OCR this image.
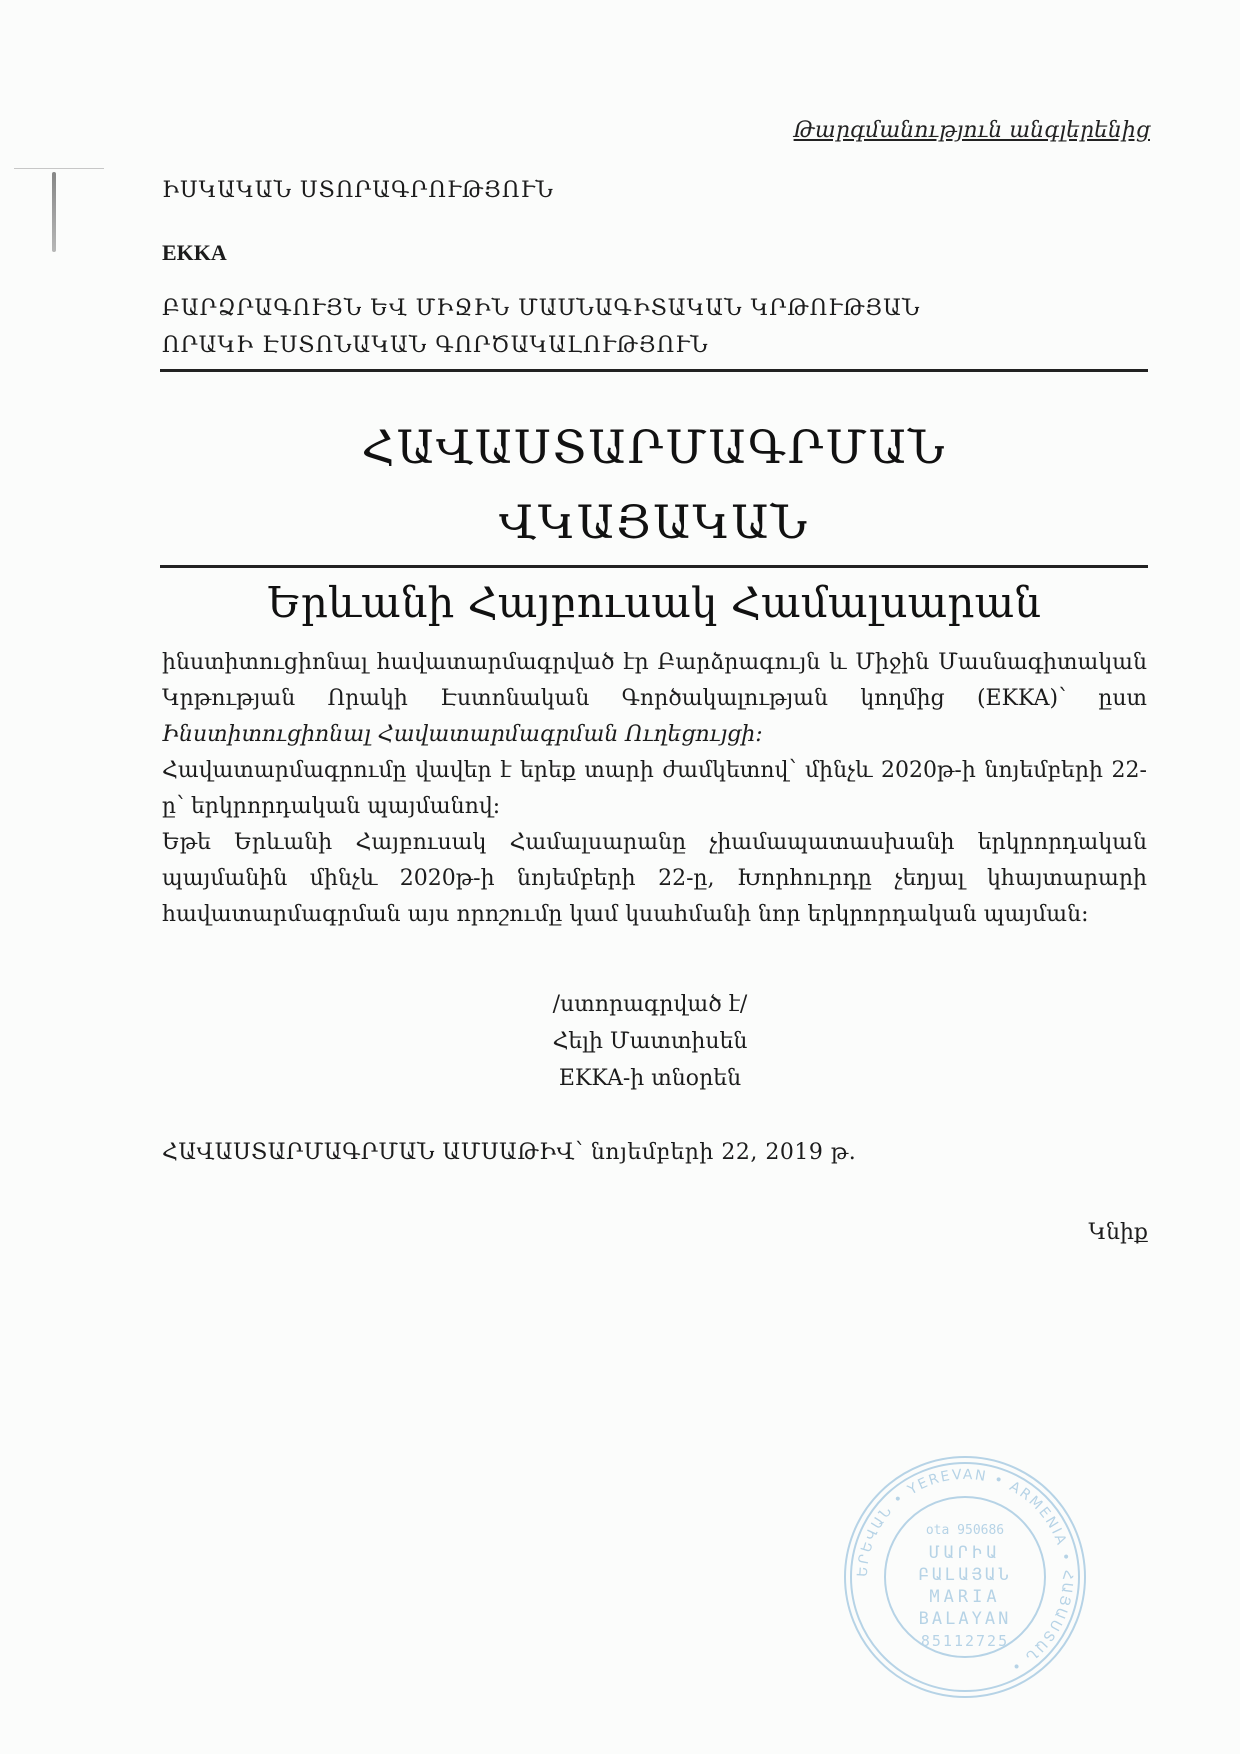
Թարգմանություն անգլերենից
ԻՍԿԱԿԱՆ ՍՏՈՐԱԳՐՈՒԹՅՈՒՆ
EKKA
ԲԱՐՁՐԱԳՈՒՅՆ ԵՎ ՄԻՋԻՆ ՄԱՍՆԱԳԻՏԱԿԱՆ ԿՐԹՈՒԹՅԱՆ
ՈՐԱԿԻ ԷՍՏՈՆԱԿԱՆ ԳՈՐԾԱԿԱԼՈՒԹՅՈՒՆ
ՀԱՎԱՍՏԱՐՄԱԳՐՄԱՆ
ՎԿԱՅԱԿԱՆ
Երևանի Հայբուսակ Համալսարան

ինստիտուցիոնալ հավատարմագրված էր Բարձրագույն և Միջին Մասնագիտական Կրթության Որակի Էստոնական Գործակալության կողմից (EKKA)՝ ըստ Ինստիտուցիոնալ Հավատարմագրման Ուղեցույցի:

Հավատարմագրումը վավեր է երեք տարի ժամկետով՝ մինչև 2020թ-ի նոյեմբերի 22-ը՝ երկրորդական պայմանով:

Եթե Երևանի Հայբուսակ Համալսարանը չիամապատասխանի երկրորդական պայմանին մինչև 2020թ-ի նոյեմբերի 22-ը, Խորհուրդը չեղյալ կհայտարարի հավատարմագրման այս որոշումը կամ կսահմանի նոր երկրորդական պայման:

/ստորագրված է/
Հելի Մատտիսեն
EKKA-ի տնօրեն
ՀԱՎԱՍՏԱՐՄԱԳՐՄԱՆ ԱՄՍԱԹԻՎ՝ նոյեմբերի 22, 2019 թ.
Կնիք
ԵՐԵՎԱՆ • YEREVAN • ARMENIA • ՀԱՅԱՍՏԱՆ •
ota 950686
ՄԱՐԻԱ
ԲԱԼԱՅԱՆ
MARIA
BALAYAN
85112725
